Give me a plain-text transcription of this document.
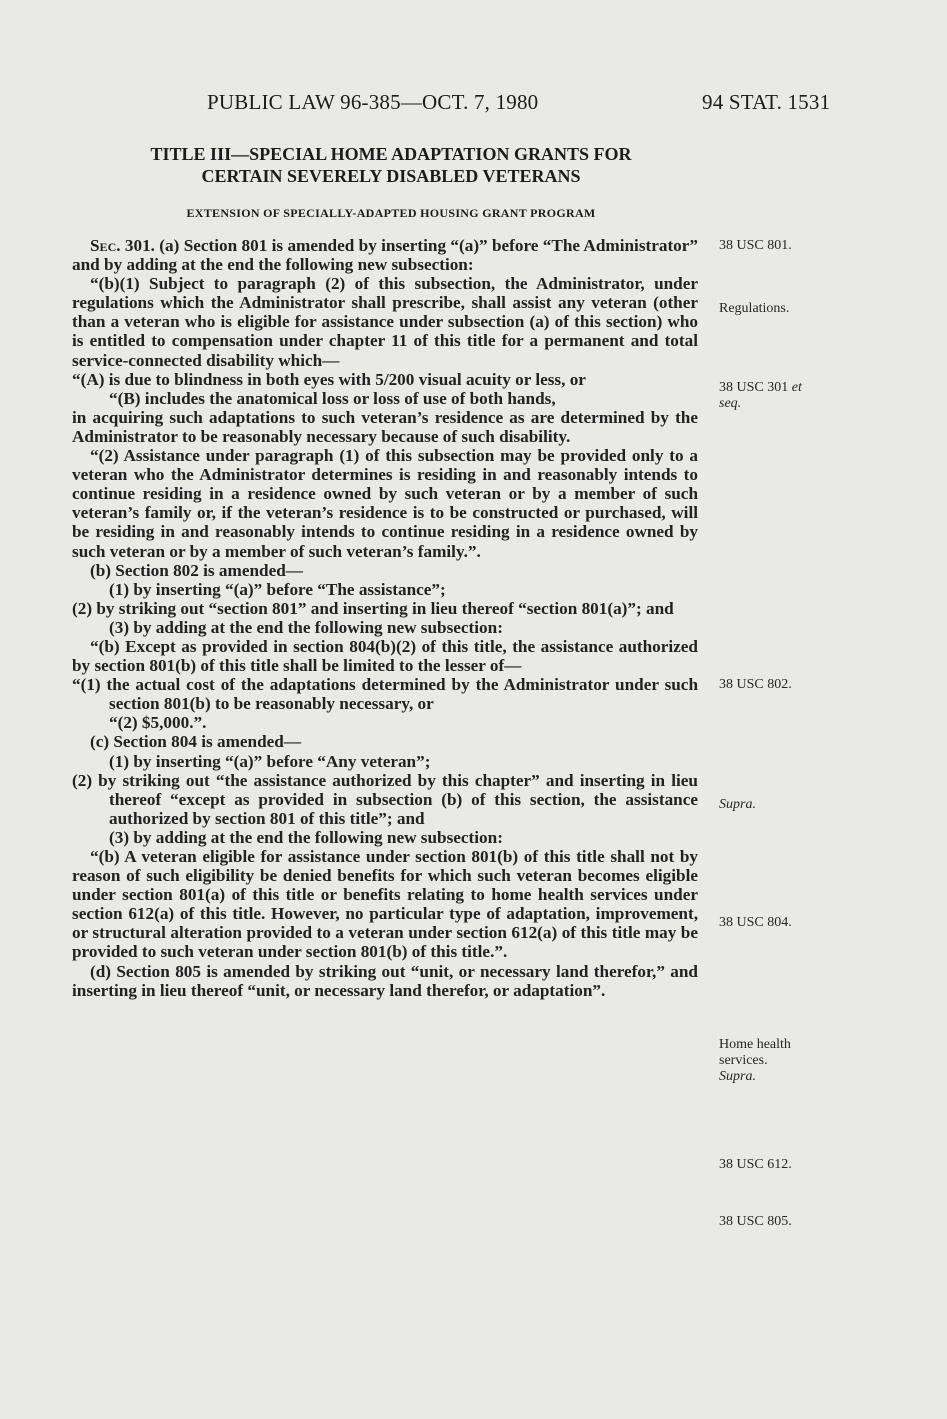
PUBLIC LAW 96-385—OCT. 7, 1980	94 STAT. 1531
TITLE III—SPECIAL HOME ADAPTATION GRANTS FOR
CERTAIN SEVERELY DISABLED VETERANS
EXTENSION OF SPECIALLY-ADAPTED HOUSING GRANT PROGRAM

Sec. 301. (a) Section 801 is amended by inserting “(a)” before “The Administrator” and by adding at the end the following new subsection:

“(b)(1) Subject to paragraph (2) of this subsection, the Administrator, under regulations which the Administrator shall prescribe, shall assist any veteran (other than a veteran who is eligible for assistance under subsection (a) of this section) who is entitled to compensation under chapter 11 of this title for a permanent and total service-connected disability which—

“(A) is due to blindness in both eyes with 5/200 visual acuity or less, or

“(B) includes the anatomical loss or loss of use of both hands,

in acquiring such adaptations to such veteran’s residence as are determined by the Administrator to be reasonably necessary because of such disability.

“(2) Assistance under paragraph (1) of this subsection may be provided only to a veteran who the Administrator determines is residing in and reasonably intends to continue residing in a residence owned by such veteran or by a member of such veteran’s family or, if the veteran’s residence is to be constructed or purchased, will be residing in and reasonably intends to continue residing in a residence owned by such veteran or by a member of such veteran’s family.”.

(b) Section 802 is amended—

(1) by inserting “(a)” before “The assistance”;

(2) by striking out “section 801” and inserting in lieu thereof “section 801(a)”; and

(3) by adding at the end the following new subsection:

“(b) Except as provided in section 804(b)(2) of this title, the assistance authorized by section 801(b) of this title shall be limited to the lesser of—

“(1) the actual cost of the adaptations determined by the Administrator under such section 801(b) to be reasonably necessary, or

“(2) $5,000.”.

(c) Section 804 is amended—

(1) by inserting “(a)” before “Any veteran”;

(2) by striking out “the assistance authorized by this chapter” and inserting in lieu thereof “except as provided in subsection (b) of this section, the assistance authorized by section 801 of this title”; and

(3) by adding at the end the following new subsection:

“(b) A veteran eligible for assistance under section 801(b) of this title shall not by reason of such eligibility be denied benefits for which such veteran becomes eligible under section 801(a) of this title or benefits relating to home health services under section 612(a) of this title. However, no particular type of adaptation, improvement, or structural alteration provided to a veteran under section 612(a) of this title may be provided to such veteran under section 801(b) of this title.”.

(d) Section 805 is amended by striking out “unit, or necessary land therefor,” and inserting in lieu thereof “unit, or necessary land therefor, or adaptation”.

38 USC 801.
Regulations.
38 USC 301 et
seq.
38 USC 802.
Supra.
38 USC 804.
Home health
services.
Supra.
38 USC 612.
38 USC 805.
